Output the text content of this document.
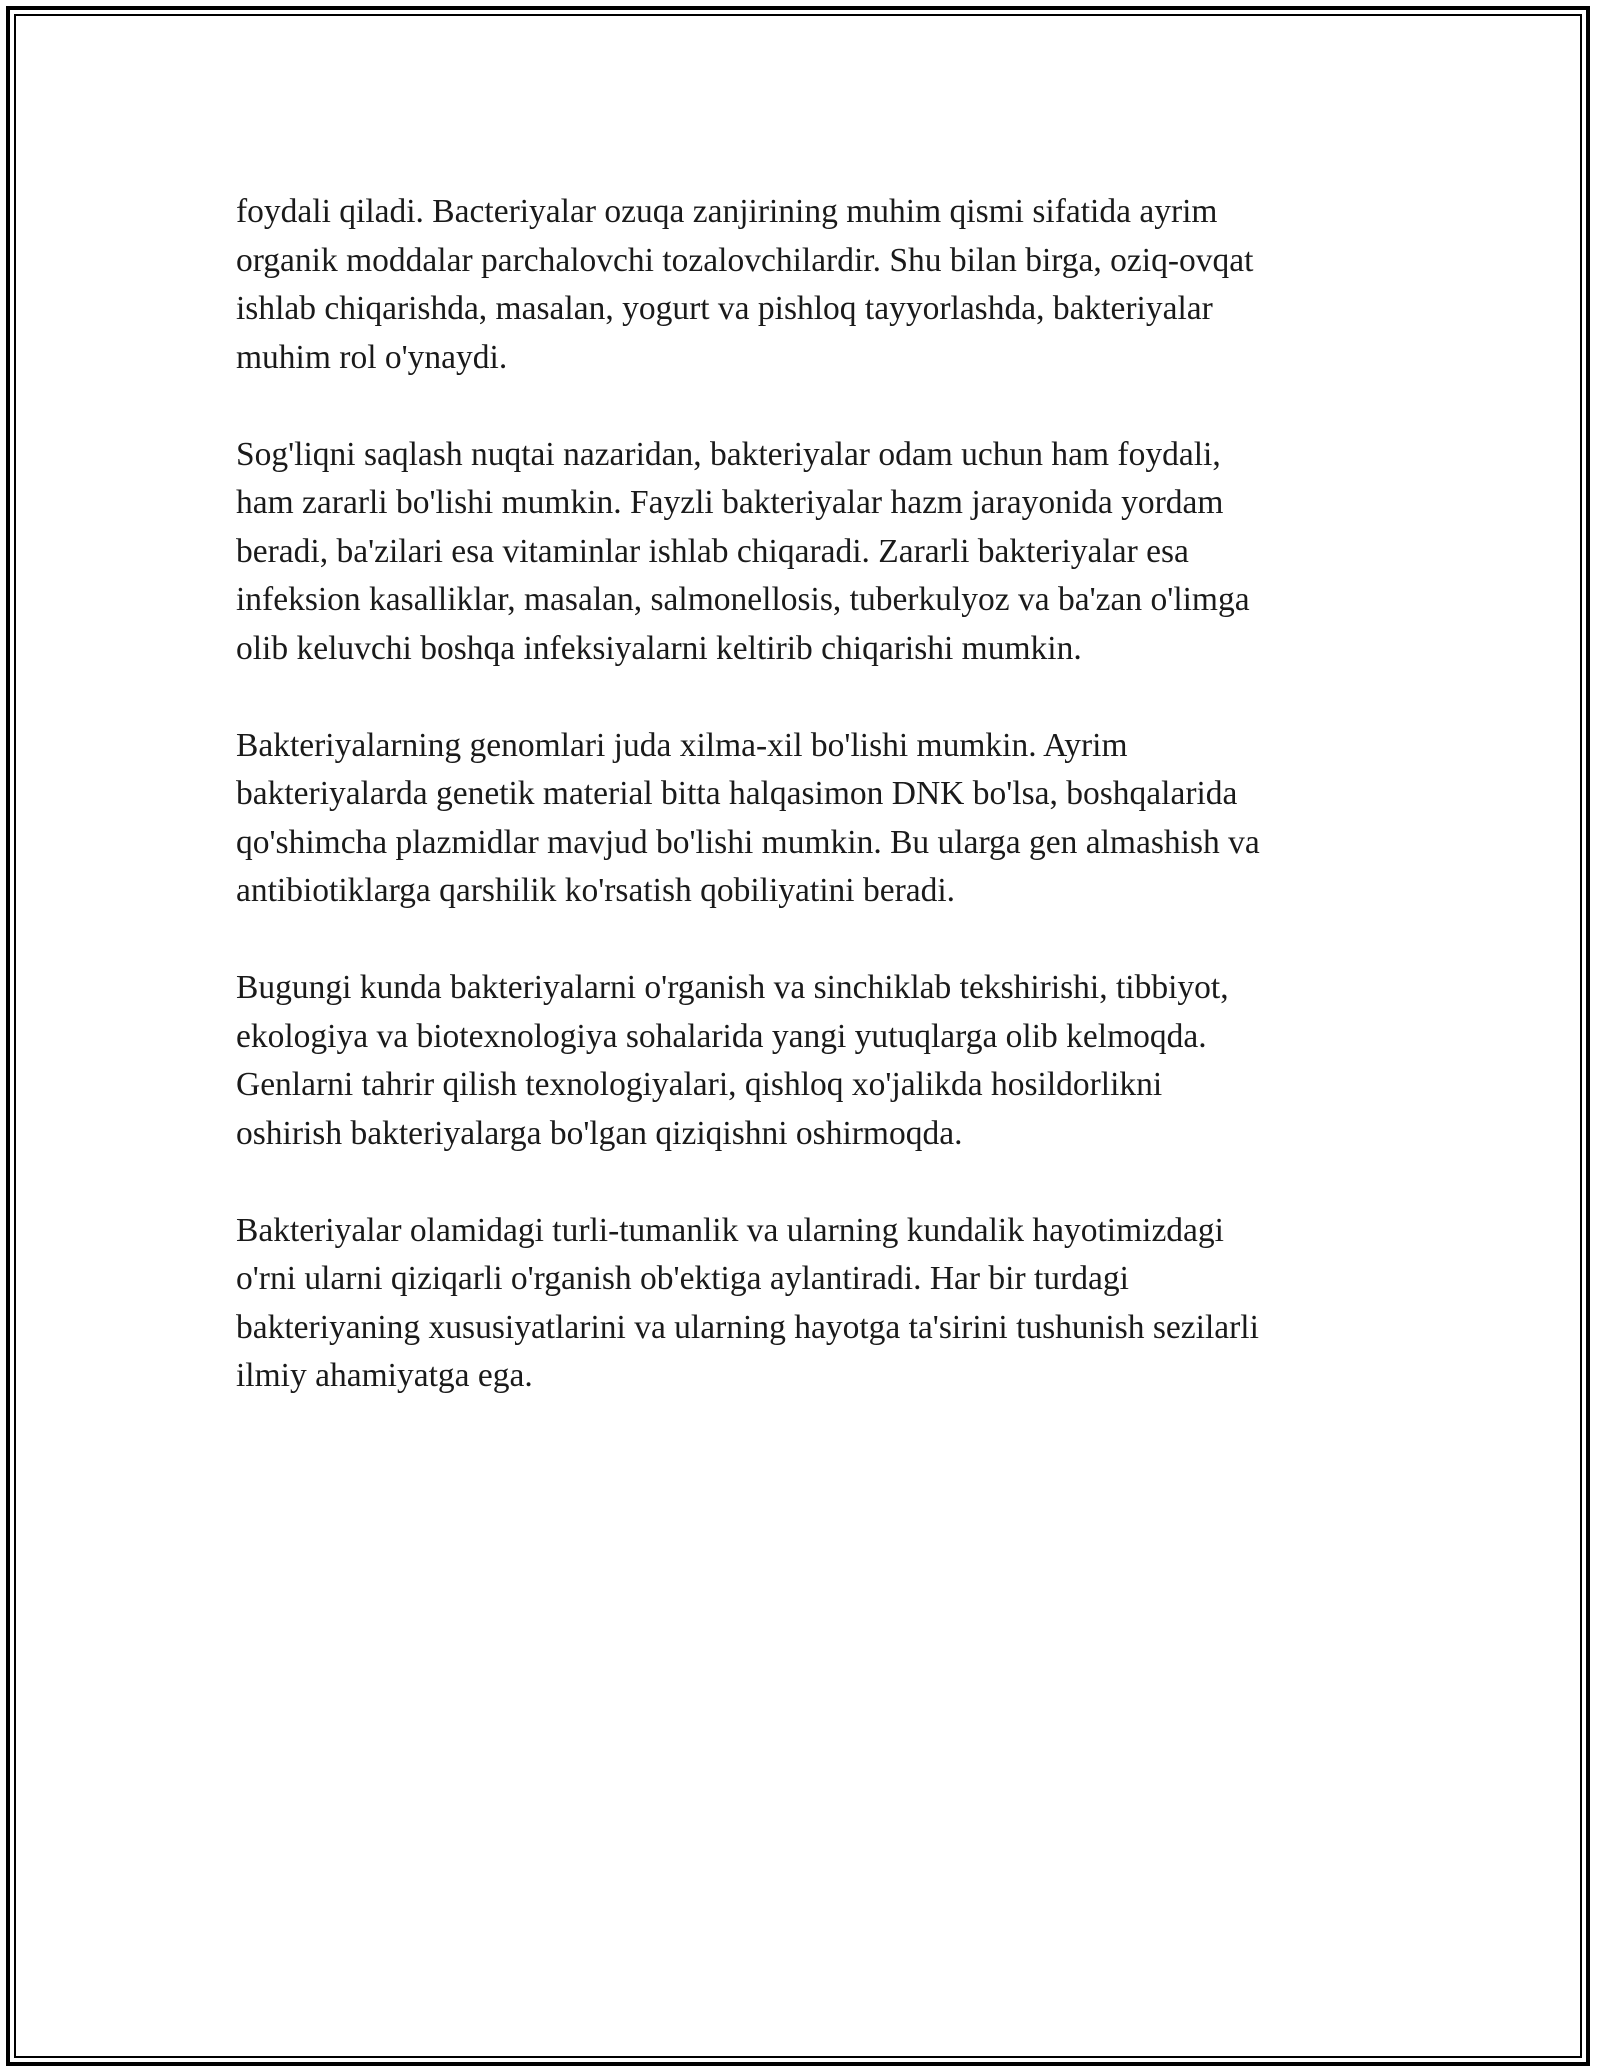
foydali qiladi. Bacteriyalar ozuqa zanjirining muhim qismi sifatida ayrim
organik moddalar parchalovchi tozalovchilardir. Shu bilan birga, oziq-ovqat
ishlab chiqarishda, masalan, yogurt va pishloq tayyorlashda, bakteriyalar
muhim rol o'ynaydi.

Sog'liqni saqlash nuqtai nazaridan, bakteriyalar odam uchun ham foydali,
ham zararli bo'lishi mumkin. Fayzli bakteriyalar hazm jarayonida yordam
beradi, ba'zilari esa vitaminlar ishlab chiqaradi. Zararli bakteriyalar esa
infeksion kasalliklar, masalan, salmonellosis, tuberkulyoz va ba'zan o'limga
olib keluvchi boshqa infeksiyalarni keltirib chiqarishi mumkin.

Bakteriyalarning genomlari juda xilma-xil bo'lishi mumkin. Ayrim
bakteriyalarda genetik material bitta halqasimon DNK bo'lsa, boshqalarida
qo'shimcha plazmidlar mavjud bo'lishi mumkin. Bu ularga gen almashish va
antibiotiklarga qarshilik ko'rsatish qobiliyatini beradi.

Bugungi kunda bakteriyalarni o'rganish va sinchiklab tekshirishi, tibbiyot,
ekologiya va biotexnologiya sohalarida yangi yutuqlarga olib kelmoqda.
Genlarni tahrir qilish texnologiyalari, qishloq xo'jalikda hosildorlikni
oshirish bakteriyalarga bo'lgan qiziqishni oshirmoqda.

Bakteriyalar olamidagi turli-tumanlik va ularning kundalik hayotimizdagi
o'rni ularni qiziqarli o'rganish ob'ektiga aylantiradi. Har bir turdagi
bakteriyaning xususiyatlarini va ularning hayotga ta'sirini tushunish sezilarli
ilmiy ahamiyatga ega.
